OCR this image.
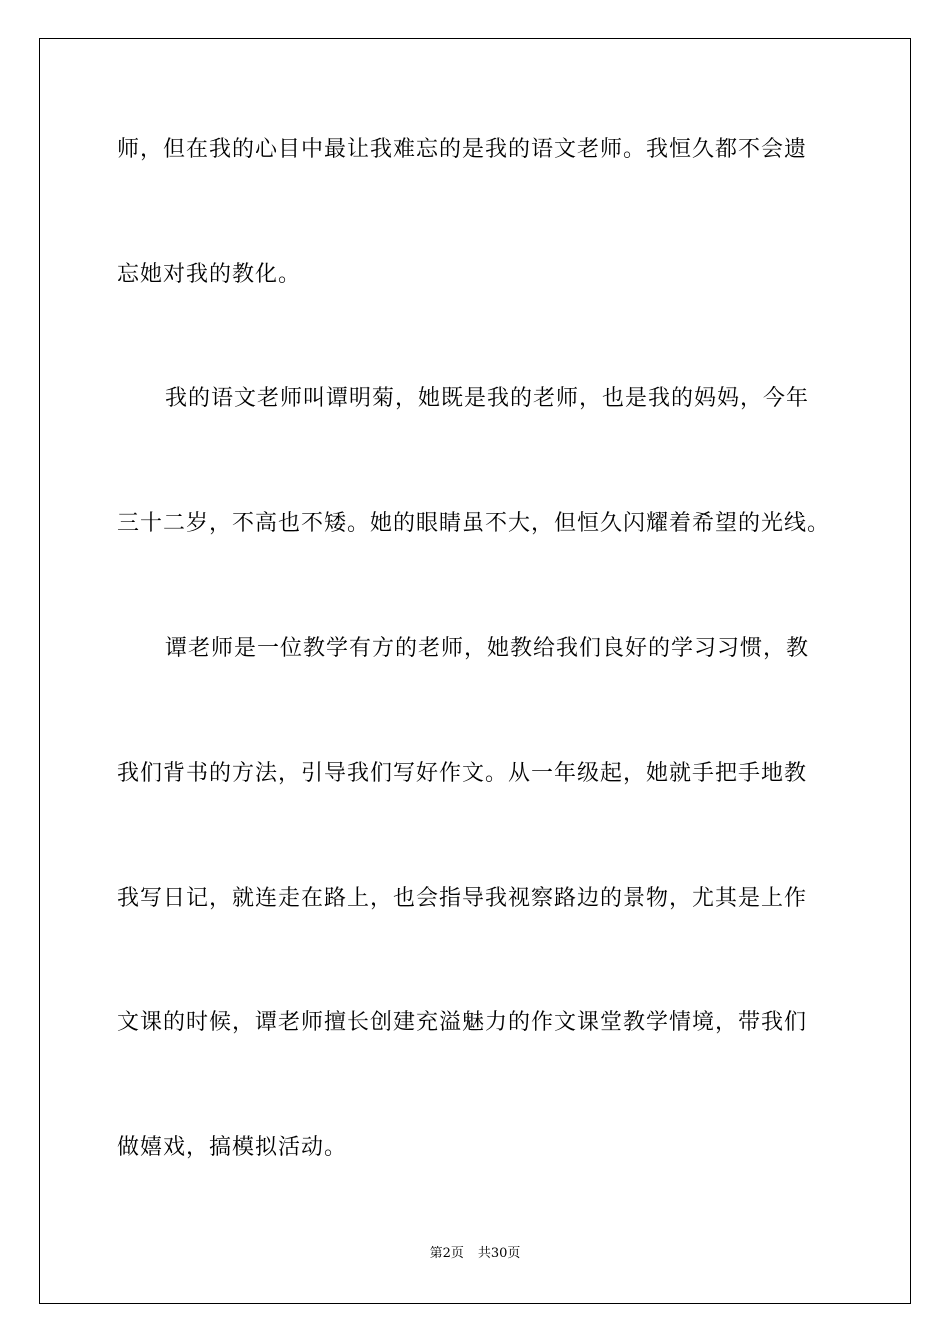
师，但在我的心目中最让我难忘的是我的语文老师。我恒久都不会遗
忘她对我的教化。
我的语文老师叫谭明菊，她既是我的老师，也是我的妈妈，今年
三十二岁，不高也不矮。她的眼睛虽不大，但恒久闪耀着希望的光线。
谭老师是一位教学有方的老师，她教给我们良好的学习习惯，教
我们背书的方法，引导我们写好作文。从一年级起，她就手把手地教
我写日记，就连走在路上，也会指导我视察路边的景物，尤其是上作
文课的时候，谭老师擅长创建充溢魅力的作文课堂教学情境，带我们
做嬉戏，搞模拟活动。
第2页 共30页
